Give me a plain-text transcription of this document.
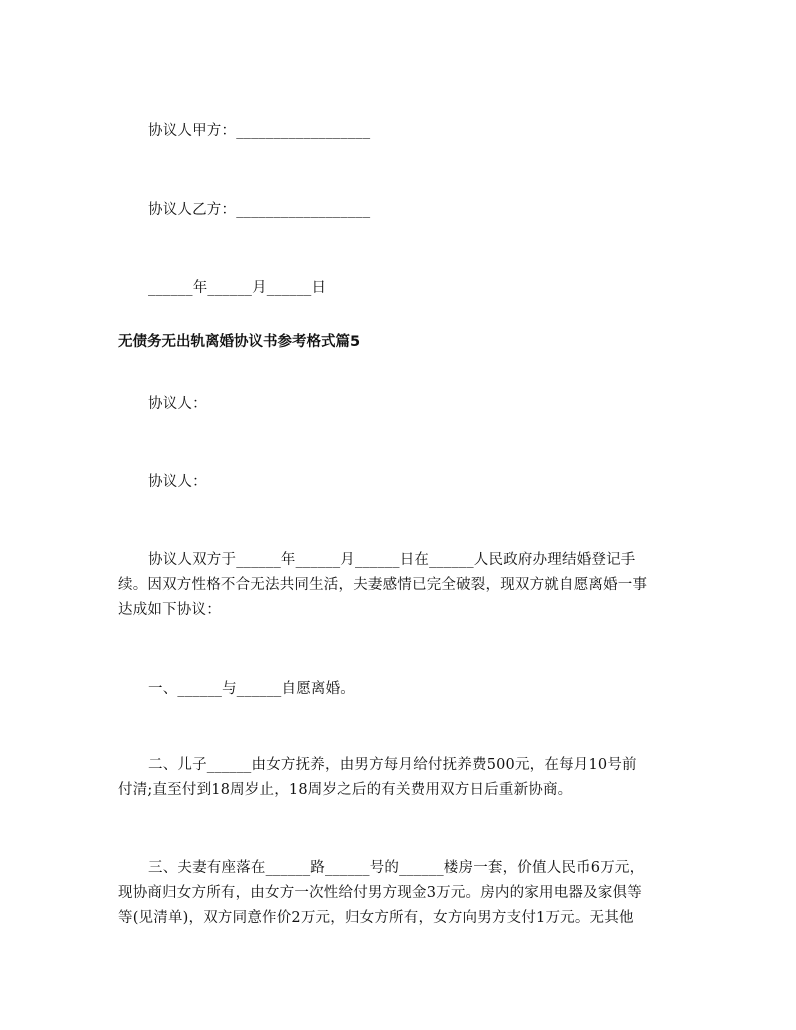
协议人甲方：__________________
协议人乙方：__________________
______年______月______日
无债务无出轨离婚协议书参考格式篇5
协议人：
协议人：
协议人双方于______年______月______日在______人民政府办理结婚登记手
续。因双方性格不合无法共同生活，夫妻感情已完全破裂，现双方就自愿离婚一事
达成如下协议：
一、______与______自愿离婚。
二、儿子______由女方抚养，由男方每月给付抚养费500元，在每月10号前
付清;直至付到18周岁止，18周岁之后的有关费用双方日后重新协商。
三、夫妻有座落在______路______号的______楼房一套，价值人民币6万元，
现协商归女方所有，由女方一次性给付男方现金3万元。房内的家用电器及家俱等
等(见清单)，双方同意作价2万元，归女方所有，女方向男方支付1万元。无其他
